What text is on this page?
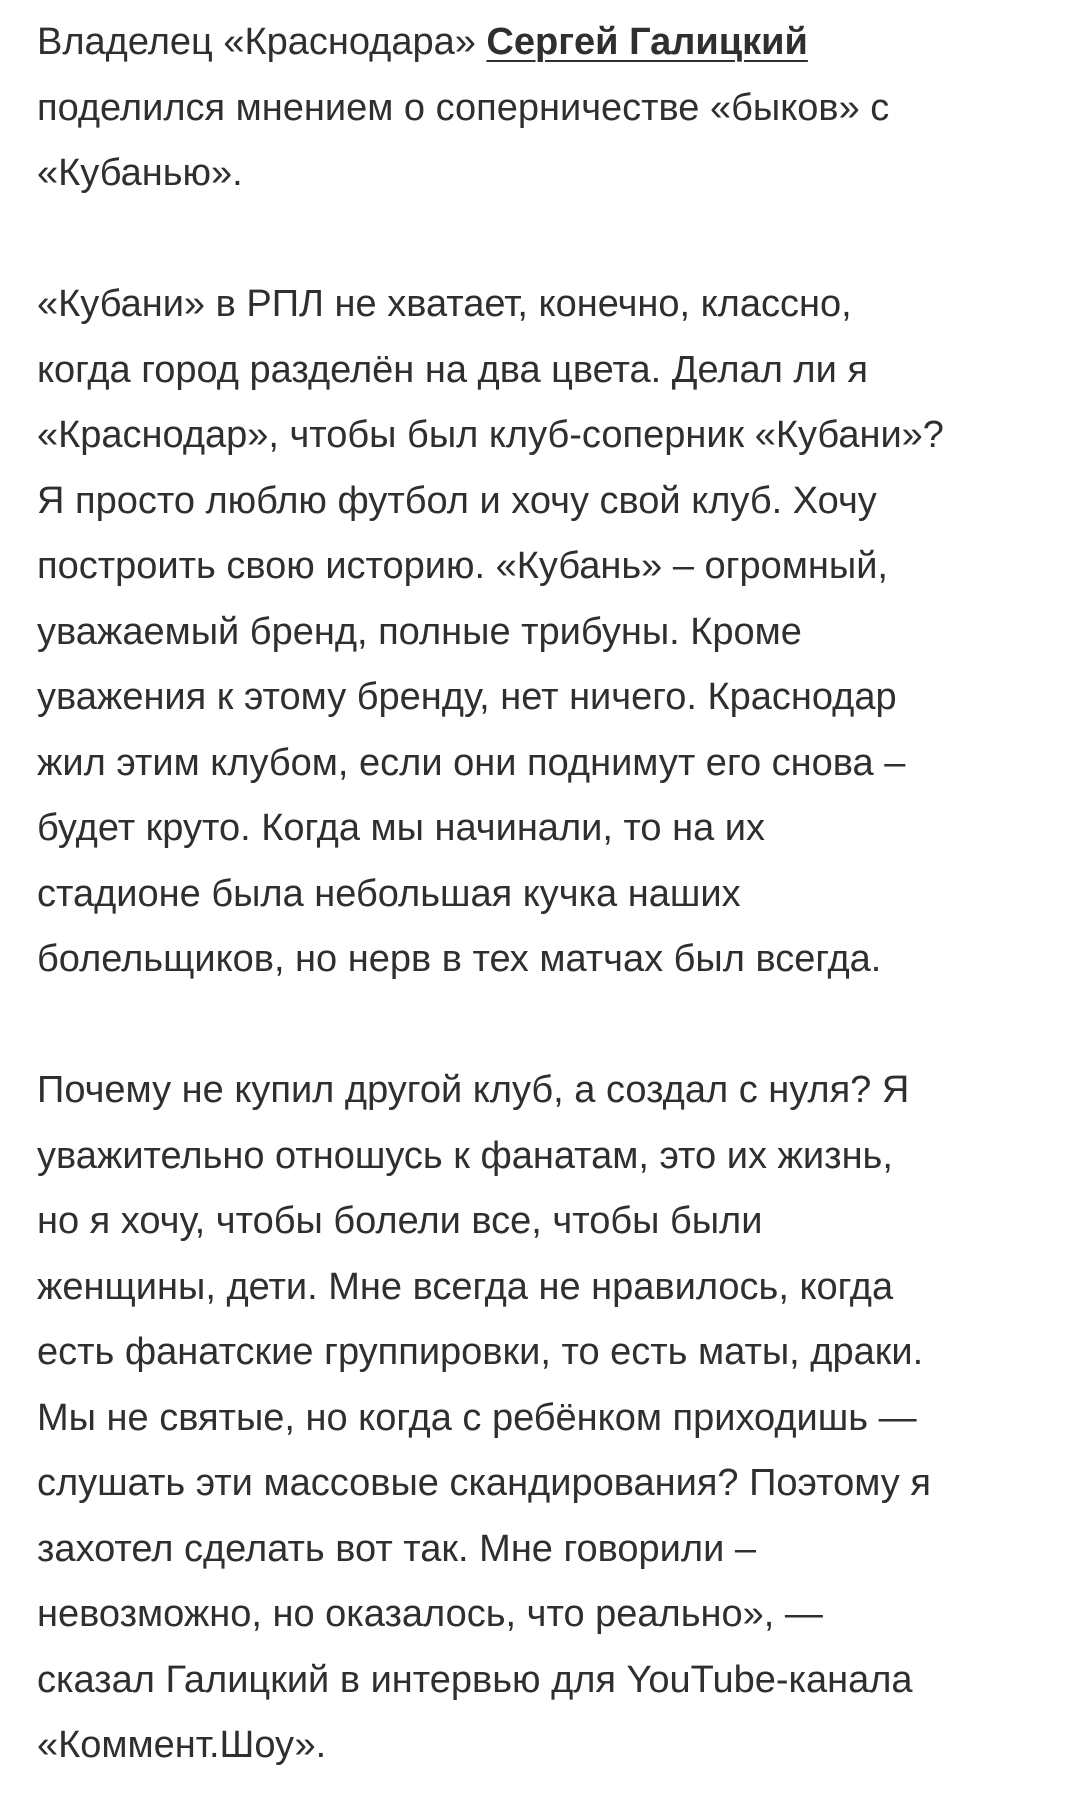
Владелец «Краснодара» Сергей Галицкий
поделился мнением о соперничестве «быков» с
«Кубанью».

«Кубани» в РПЛ не хватает, конечно, классно,
когда город разделён на два цвета. Делал ли я
«Краснодар», чтобы был клуб-соперник «Кубани»?
Я просто люблю футбол и хочу свой клуб. Хочу
построить свою историю. «Кубань» – огромный,
уважаемый бренд, полные трибуны. Кроме
уважения к этому бренду, нет ничего. Краснодар
жил этим клубом, если они поднимут его снова –
будет круто. Когда мы начинали, то на их
стадионе была небольшая кучка наших
болельщиков, но нерв в тех матчах был всегда.

Почему не купил другой клуб, а создал с нуля? Я
уважительно отношусь к фанатам, это их жизнь,
но я хочу, чтобы болели все, чтобы были
женщины, дети. Мне всегда не нравилось, когда
есть фанатские группировки, то есть маты, драки.
Мы не святые, но когда с ребёнком приходишь —
слушать эти массовые скандирования? Поэтому я
захотел сделать вот так. Мне говорили –
невозможно, но оказалось, что реально», —
сказал Галицкий в интервью для YouTube-канала
«Коммент.Шоу».
